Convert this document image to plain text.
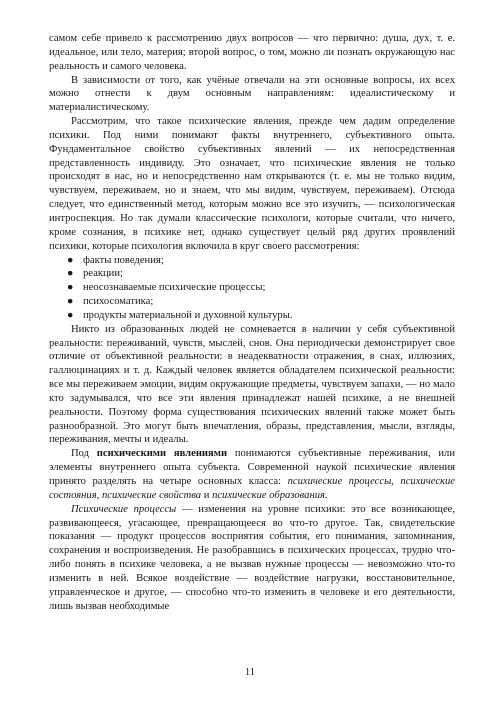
самом себе привело к рассмотрению двух вопросов — что первично: душа, дух, т. е. идеальное, или тело, материя; второй вопрос, о том, можно ли познать окружающую нас реальность и самого человека.

В зависимости от того, как учёные отвечали на эти основные вопросы, их всех можно отнести к двум основным направлениям: идеалистическому и материалистическому.

Рассмотрим, что такое психические явления, прежде чем дадим определение психики. Под ними понимают факты внутреннего, субъективного опыта. Фундаментальное свойство субъективных явлений — их непосредственная представленность индивиду. Это означает, что психические явления не только происходят в нас, но и непосредственно нам открываются (т. е. мы не только видим, чувствуем, переживаем, но и знаем, что мы видим, чувствуем, переживаем). Отсюда следует, что единственный метод, которым можно все это изучить, — психологическая интроспекция. Но так думали классические психологи, которые считали, что ничего, кроме сознания, в психике нет, однако существует целый ряд других проявлений психики, которые психология включила в круг своего рассмотрения:

● факты поведения;
● реакции;
● неосознаваемые психические процессы;
● психосоматика;
● продукты материальной и духовной культуры.

Никто из образованных людей не сомневается в наличии у себя субъективной реальности: переживаний, чувств, мыслей, снов. Она периодически демонстрирует свое отличие от объективной реальности: в неадекватности отражения, в снах, иллюзиях, галлюцинациях и т. д. Каждый человек является обладателем психической реальности: все мы переживаем эмоции, видим окружающие предметы, чувствуем запахи, — но мало кто задумывался, что все эти явления принадлежат нашей психике, а не внешней реальности. Поэтому форма существования психических явлений также может быть разнообразной. Это могут быть впечатления, образы, представления, мысли, взгляды, переживания, мечты и идеалы.

Под психическими явлениями понимаются субъективные переживания, или элементы внутреннего опыта субъекта. Современной наукой психические явления принято разделять на четыре основных класса: психические процессы, психические состояния, психические свойства и психические образования.

Психические процессы — изменения на уровне психики: это все возникающее, развивающееся, угасающее, превращающееся во что-то другое. Так, свидетельские показания — продукт процессов восприятия события, его понимания, запоминания, сохранения и воспроизведения. Не разобравшись в психических процессах, трудно что-либо понять в психике человека, а не вызвав нужные процессы — невозможно что-то изменить в ней. Всякое воздействие — воздействие нагрузки, восстановительное, управленческое и другое, — способно что-то изменить в человеке и его деятельности, лишь вызвав необходимые

11
